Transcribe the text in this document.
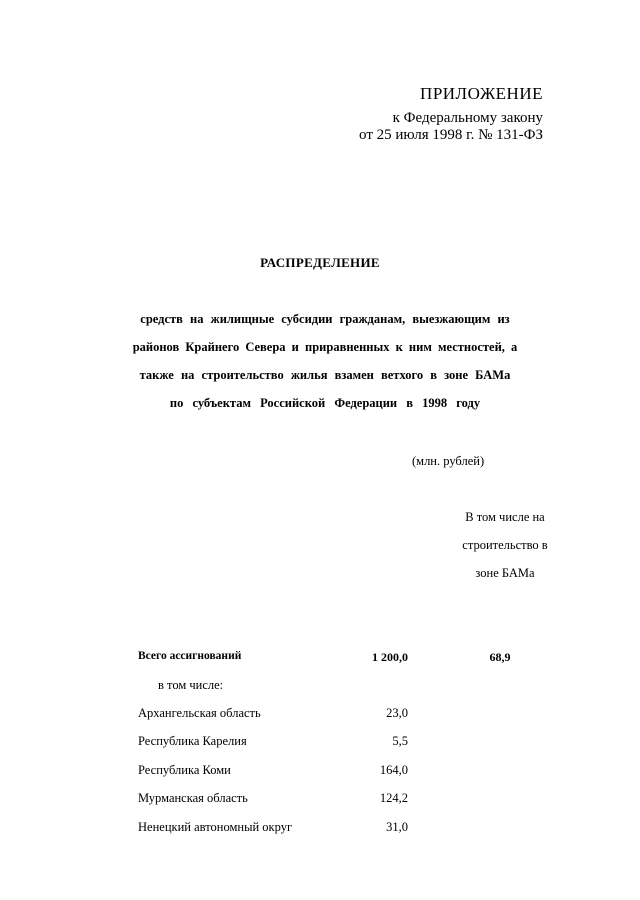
ПРИЛОЖЕНИЕ
к Федеральному закону
от 25 июля 1998 г. № 131-ФЗ
РАСПРЕДЕЛЕНИЕ
средств на жилищные субсидии гражданам, выезжающим из
районов Крайнего Севера и приравненных к ним местностей, а
также на строительство жилья взамен ветхого в зоне БАМа
по субъектам Российской Федерации в 1998 году
(млн. рублей)
В том числе на
строительство в
зоне БАМа
Всего ассигнований	1 200,0	68,9
в том числе:
Архангельская область	23,0
Республика Карелия	5,5
Республика Коми	164,0
Мурманская область	124,2
Ненецкий автономный округ	31,0
